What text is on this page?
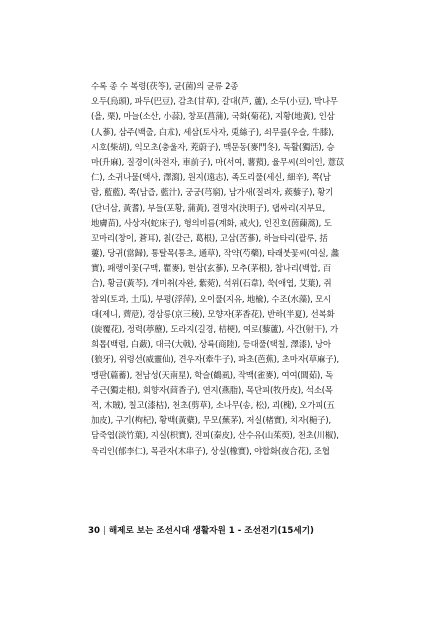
수록 종 수 복령(茯笭), 균(菌)의 균류 2종
오두(烏頭), 파두(巴豆), 감초(甘草), 갈대(芦, 蘆), 소두(小豆), 박나무
(욜, 栗), 마늘(소산, 小蒜), 창포(菖蒲), 국화(菊花), 지황(地黃), 인삼
(人蔘), 삼주(백출, 白朮), 세삼(토사자, 兎絲子), 쇠무릎(우슬, 牛膝),
시호(柴胡), 익모초(충울자, 茺蔚子), 맥문동(麥門冬), 독활(獨活), 승
마(升麻), 질경이(차전자, 車前子), 마(서여, 薯蕷), 율무씨(의이인, 薏苡
仁), 소귀나물(택사, 澤瀉), 원지(遠志), 족도리풀(세신, 細辛), 쪽(남
람, 藍藍), 쪽(남즙, 藍汁), 궁궁(芎窮), 남가새(질려자, 蒺藜子), 황기
(단너삼, 黃耆), 부들(포황, 蒲黃), 결명자(決明子), 댑싸리(지부묘,
地膚苗), 사상자(蛇床子), 형의비름(계화, 戒火), 인진호(茵蔯蒿), 도
꼬마리(창이, 蒼耳), 칡(갈근, 葛根), 고삼(苦蔘), 하늘타리(괄루, 括
蔞), 당귀(當歸), 통탈목(통초, 通草), 작약(芍藥), 타래붓꽃씨(여실, 蠡
實), 패랭이꽃(구맥, 瞿麥), 현삼(玄蔘), 모추(茅根), 참나리(백합, 百
合), 황금(黃芩), 개미취(자완, 紫菀), 석위(石韋), 쑥(애엽, 艾葉), 쥐
참외(토과, 土瓜), 부평(浮萍), 오이풀(지유, 地楡), 수조(水藻), 모시
대(제니, 薺苨), 경삼릉(京三稜), 모향자(茅香花), 반하(半夏), 선복화
(旋覆花), 정력(葶藶), 도라지(길경, 桔梗), 여로(藜蘆), 사간(射干), 가
희톱(백렴, 白蘞), 대극(大戟), 상륙(商陸), 등대풀(택칠, 澤漆), 낭아
(狼牙), 위령선(威靈仙), 견우자(牽牛子), 파초(芭蕉), 초마자(草麻子),
맹판(萹蓄), 천남성(天南星), 학슬(鶴虱), 작맥(雀麥), 여여(閭茹), 독
주근(獨走根), 회향자(茴香子), 연지(燕脂), 목단피(牧丹皮), 석소(목
적, 木賊), 칠고(漆枯), 천초(剪草), 소나무(송, 松), 괴(槐), 오가피(五
加皮), 구기(枸杞), 황백(黃蘗), 무모(蕪茅), 저실(楮實), 치자(梔子),
담죽엽(淡竹葉), 지실(枳實), 진피(秦皮), 산수유(山茱萸), 천초(川椒),
욱리인(郁李仁), 목관자(木串子), 상실(橡實), 야합화(夜合花), 조협
30 | 해제로 보는 조선시대 생활자원 1 - 조선전기(15세기)
